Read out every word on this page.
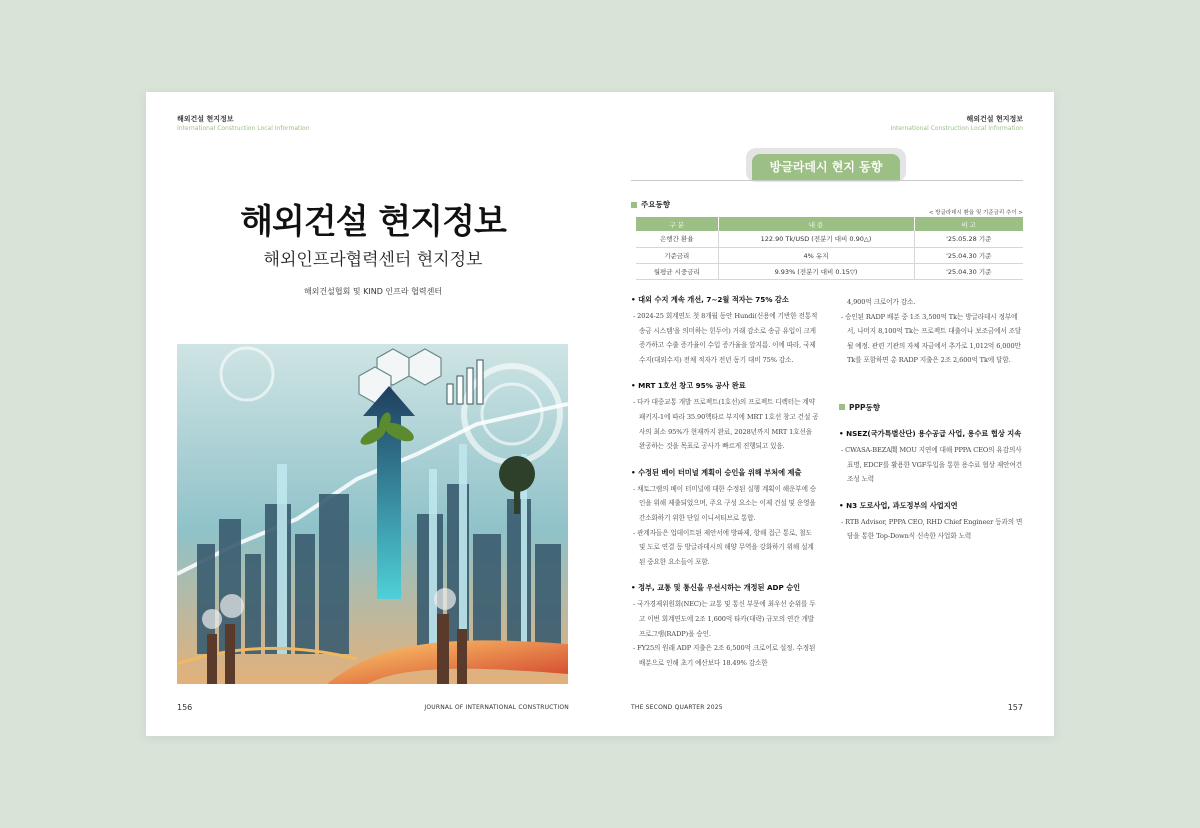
해외건설 현지정보
International Construction Local Information
해외건설 현지정보
해외인프라협력센터 현지정보
해외건설협회 및 KIND 인프라 협력센터
156	JOURNAL OF INTERNATIONAL CONSTRUCTION
해외건설 현지정보
International Construction Local Information
방글라데시 현지 동향
주요동향
< 방글라데시 환율 및 기준금리 추이 >
구 분	내 용	비 고
은행간 환율	122.90 Tk/USD (전분기 대비 0.90△)	'25.05.28 기준
기준금리	4% 유지	'25.04.30 기준
월평균 시중금리	9.93% (전분기 대비 0.15▽)	'25.04.30 기준
• 대외 수지 계속 개선, 7~2월 적자는 75% 감소

- 2024-25 회계연도 첫 8개월 동안 Hundi(신용에 기반한 전통적 송금 시스템'을 의미하는 힌두어) 거래 감소로 송금 유입이 크게 증가하고 수출 증가율이 수입 증가율을 앞지름. 이에 따라, 국제수지(대외수지) 전체 적자가 전년 동기 대비 75% 감소.

• MRT 1호선 창고 95% 공사 완료

- 다카 대중교통 개발 프로젝트(1호선)의 프로젝트 디렉터는 계약 패키지-1에 따라 35.90헥타르 부지에 MRT 1호선 창고 건설 공사의 최소 95%가 현재까지 완료, 2028년까지 MRT 1호선을 완공하는 것을 목표로 공사가 빠르게 진행되고 있음.

• 수정된 베이 터미널 계획이 승인을 위해 부처에 제출

- 채토그램의 베이 터미널에 대한 수정된 실행 계획이 해운부에 승인을 위해 제출되었으며, 주요 구성 요소는 이제 건설 및 운영을 간소화하기 위한 단일 이니셔티브로 통합.

- 관계자들은 업데이트된 제안서에 방파제, 항해 접근 통로, 철도 및 도로 연결 등 방글라데시의 해양 무역을 강화하기 위해 설계된 중요한 요소들이 포함.

• 정부, 교통 및 통신을 우선시하는 개정된 ADP 승인

- 국가경제위원회(NEC)는 교통 및 통신 부문에 최우선 순위를 두고 이번 회계연도에 2조 1,600억 타카(대략) 규모의 연간 개발 프로그램(RADP)을 승인.

- FY25의 원래 ADP 지출은 2조 6,500억 크로어로 설정. 수정된 배분으로 인해 초기 예산보다 18.49% 감소한

4,900억 크로어가 감소.

- 승인된 RADP 배분 중 1조 3,500억 Tk는 방글라데시 정부에서, 나머지 8,100억 Tk는 프로젝트 대출이나 보조금에서 조달될 예정. 관련 기관의 자체 자금에서 추가로 1,012억 6,000만 Tk를 포함하면 총 RADP 지출은 2조 2,600억 Tk에 달함.

PPP동향
• NSEZ(국가특별산단) 용수공급 사업, 용수료 협상 지속

- CWASA-BEZA間 MOU 지연에 대해 PPPA CEO의 유감의사 표명, EDCF를 활용한 VGF투입을 통한 용수료 협상 재안여건 조성 노력

• N3 도로사업, 과도정부의 사업지연

- RTB Advisor, PPPA CEO, RHD Chief Engineer 등과의 면담을 통한 Top-Down식 신속한 사업화 노력

THE SECOND QUARTER 2025	157
